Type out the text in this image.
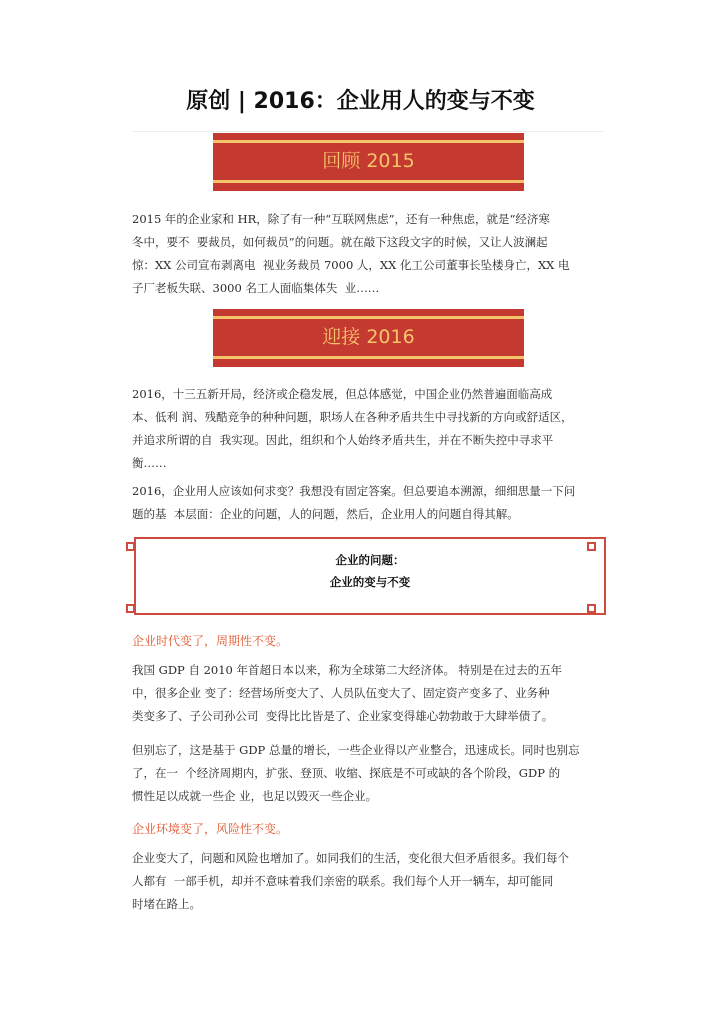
原创 | 2016：企业用人的变与不变
回顾 2015
2015 年的企业家和 HR，除了有一种“互联网焦虑”，还有一种焦虑，就是“经济寒
冬中，要不  要裁员，如何裁员”的问题。就在敲下这段文字的时候，又让人波澜起
惊：XX 公司宣布剥离电  视业务裁员 7000 人，XX 化工公司董事长坠楼身亡，XX 电
子厂老板失联、3000 名工人面临集体失  业……
迎接 2016
2016，十三五新开局，经济或企稳发展，但总体感觉，中国企业仍然普遍面临高成
本、低利 润、残酷竞争的种种问题，职场人在各种矛盾共生中寻找新的方向或舒适区，
并追求所谓的自  我实现。因此，组织和个人始终矛盾共生，并在不断失控中寻求平
衡……
2016，企业用人应该如何求变？我想没有固定答案。但总要追本溯源，细细思量一下问
题的基  本层面：企业的问题，人的问题，然后，企业用人的问题自得其解。
企业的问题：
企业的变与不变
企业时代变了，周期性不变。
我国 GDP 自 2010 年首超日本以来，称为全球第二大经济体。 特别是在过去的五年
中，很多企业 变了：经营场所变大了、人员队伍变大了、固定资产变多了、业务种
类变多了、子公司孙公司  变得比比皆是了、企业家变得雄心勃勃敢于大肆举债了。
但别忘了，这是基于 GDP 总量的增长，一些企业得以产业整合，迅速成长。同时也别忘
了，在一  个经济周期内，扩张、登顶、收缩、探底是不可或缺的各个阶段，GDP 的
惯性足以成就一些企 业，也足以毁灭一些企业。
企业环境变了，风险性不变。
企业变大了，问题和风险也增加了。如同我们的生活，变化很大但矛盾很多。我们每个
人都有  一部手机，却并不意味着我们亲密的联系。我们每个人开一辆车，却可能同
时堵在路上。
